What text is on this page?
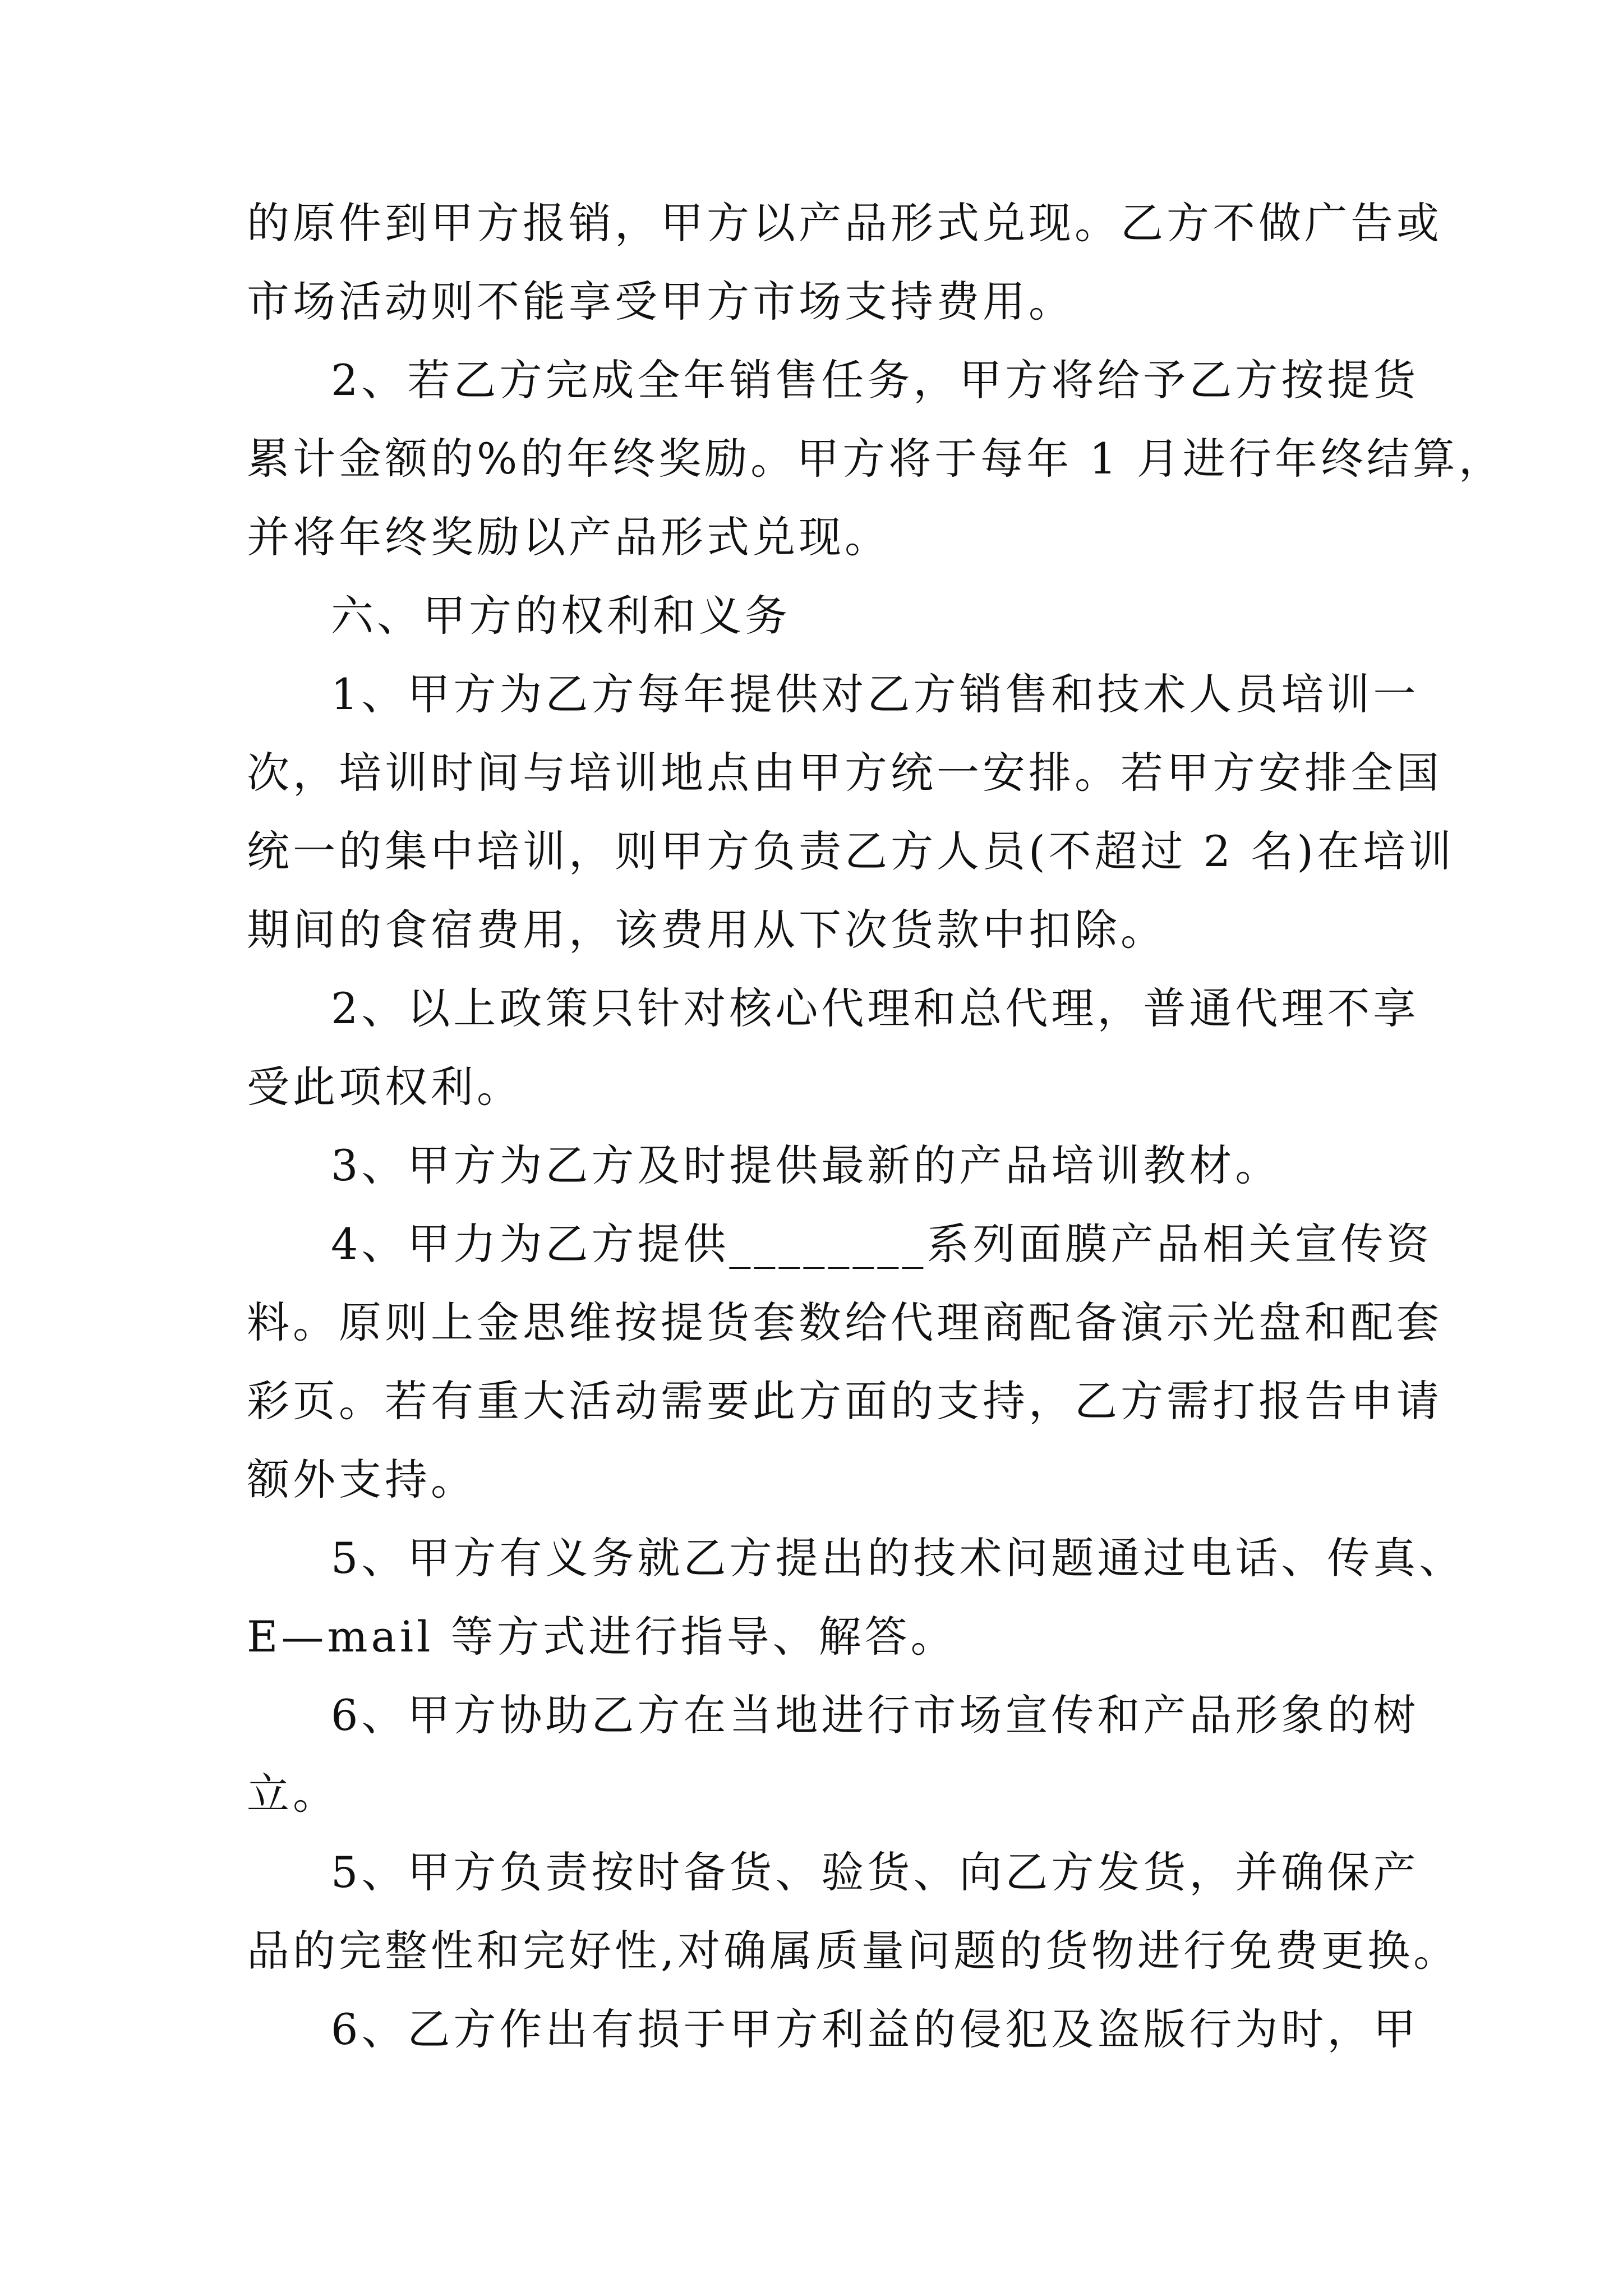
的原件到甲方报销，甲方以产品形式兑现。乙方不做广告或
市场活动则不能享受甲方市场支持费用。
2、若乙方完成全年销售任务，甲方将给予乙方按提货
累计金额的%的年终奖励。甲方将于每年 1 月进行年终结算，
并将年终奖励以产品形式兑现。
六、甲方的权利和义务
1、甲方为乙方每年提供对乙方销售和技术人员培训一
次，培训时间与培训地点由甲方统一安排。若甲方安排全国
统一的集中培训，则甲方负责乙方人员(不超过 2 名)在培训
期间的食宿费用，该费用从下次货款中扣除。
2、以上政策只针对核心代理和总代理，普通代理不享
受此项权利。
3、甲方为乙方及时提供最新的产品培训教材。
4、甲力为乙方提供________系列面膜产品相关宣传资
料。原则上金思维按提货套数给代理商配备演示光盘和配套
彩页。若有重大活动需要此方面的支持，乙方需打报告申请
额外支持。
5、甲方有义务就乙方提出的技术问题通过电话、传真、
E—mail 等方式进行指导、解答。
6、甲方协助乙方在当地进行市场宣传和产品形象的树
立。
5、甲方负责按时备货、验货、向乙方发货，并确保产
品的完整性和完好性,对确属质量问题的货物进行免费更换。
6、乙方作出有损于甲方利益的侵犯及盗版行为时，甲
